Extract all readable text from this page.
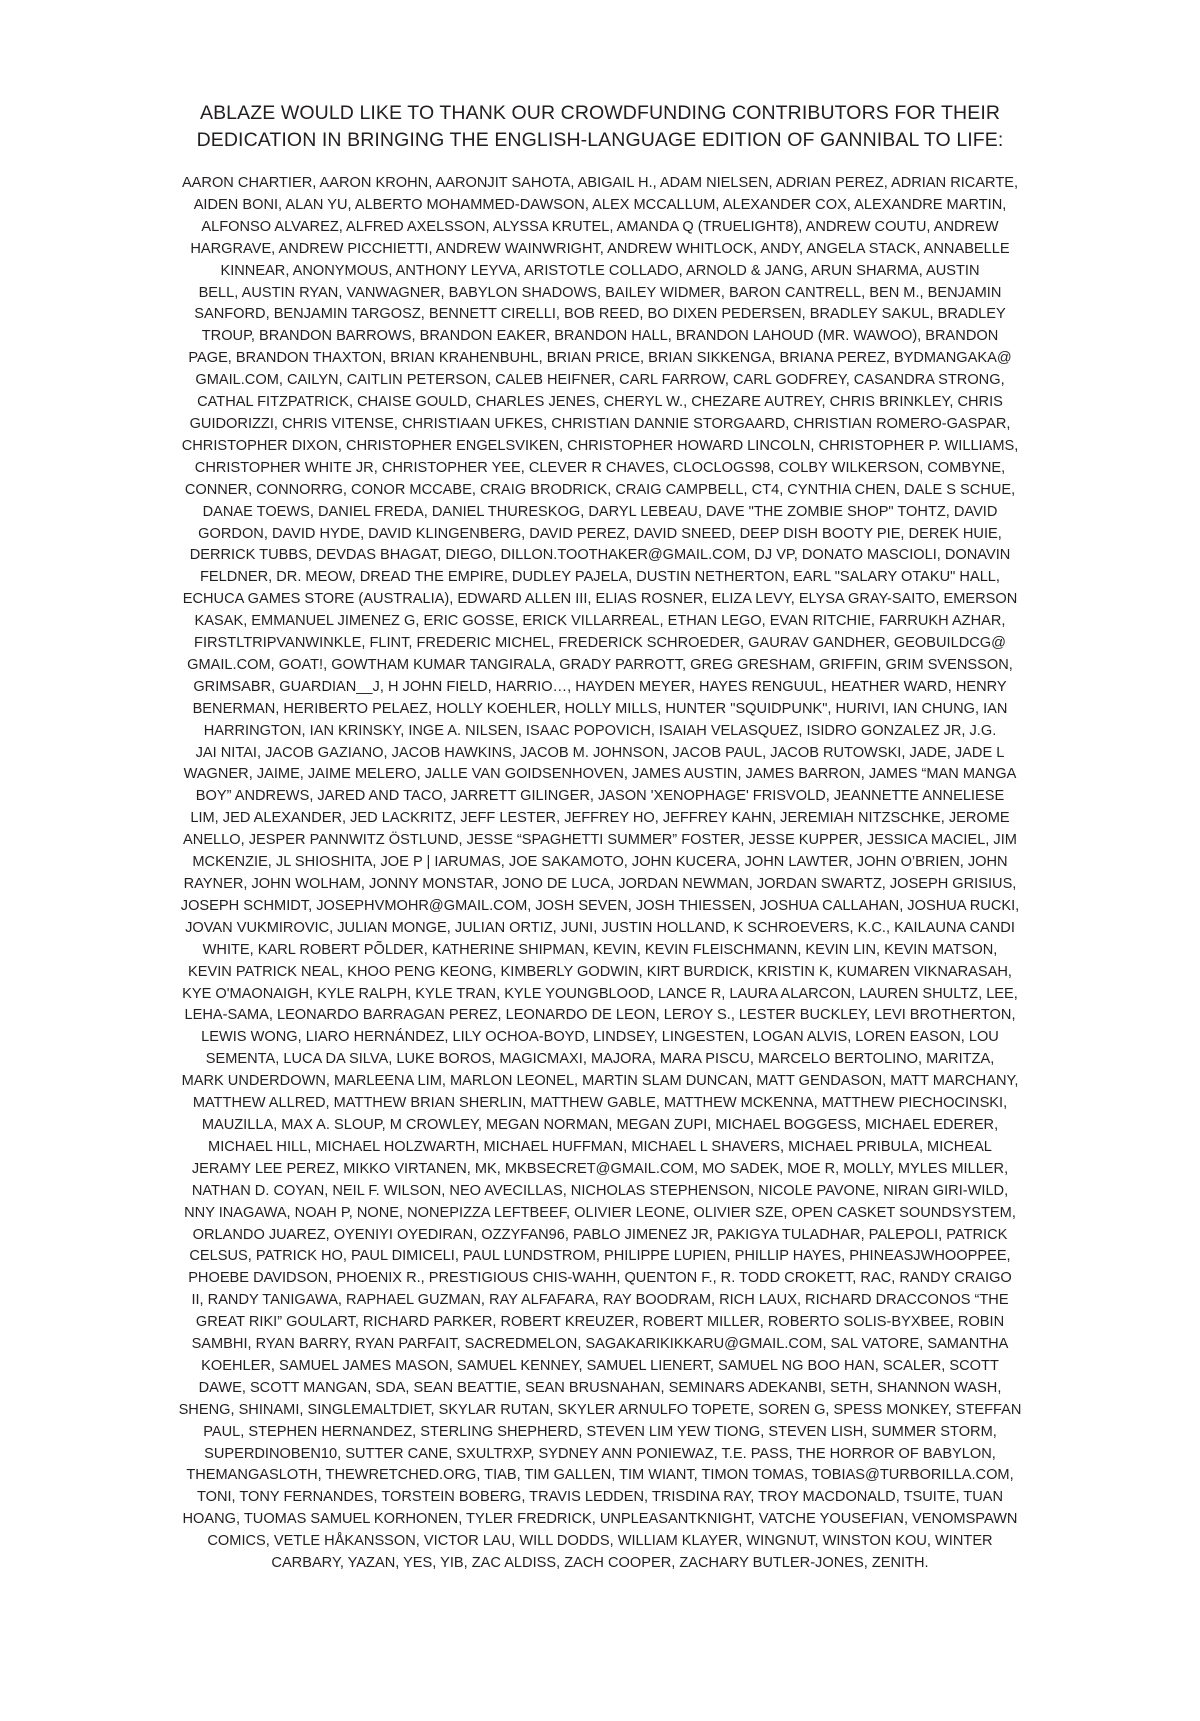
ABLAZE WOULD LIKE TO THANK OUR CROWDFUNDING CONTRIBUTORS FOR THEIR
DEDICATION IN BRINGING THE ENGLISH-LANGUAGE EDITION OF GANNIBAL TO LIFE:
AARON CHARTIER, AARON KROHN, AARONJIT SAHOTA, ABIGAIL H., ADAM NIELSEN, ADRIAN PEREZ, ADRIAN RICARTE,
AIDEN BONI, ALAN YU, ALBERTO MOHAMMED-DAWSON, ALEX MCCALLUM, ALEXANDER COX, ALEXANDRE MARTIN,
ALFONSO ALVAREZ, ALFRED AXELSSON, ALYSSA KRUTEL, AMANDA Q (TRUELIGHT8), ANDREW COUTU, ANDREW
HARGRAVE, ANDREW PICCHIETTI, ANDREW WAINWRIGHT, ANDREW WHITLOCK, ANDY, ANGELA STACK, ANNABELLE
KINNEAR, ANONYMOUS, ANTHONY LEYVA, ARISTOTLE COLLADO, ARNOLD & JANG, ARUN SHARMA, AUSTIN
BELL, AUSTIN RYAN, VANWAGNER, BABYLON SHADOWS, BAILEY WIDMER, BARON CANTRELL, BEN M., BENJAMIN
SANFORD, BENJAMIN TARGOSZ, BENNETT CIRELLI, BOB REED, BO DIXEN PEDERSEN, BRADLEY SAKUL, BRADLEY
TROUP, BRANDON BARROWS, BRANDON EAKER, BRANDON HALL, BRANDON LAHOUD (MR. WAWOO), BRANDON
PAGE, BRANDON THAXTON, BRIAN KRAHENBUHL, BRIAN PRICE, BRIAN SIKKENGA, BRIANA PEREZ, BYDMANGAKA@
GMAIL.COM, CAILYN, CAITLIN PETERSON, CALEB HEIFNER, CARL FARROW, CARL GODFREY, CASANDRA STRONG,
CATHAL FITZPATRICK, CHAISE GOULD, CHARLES JENES, CHERYL W., CHEZARE AUTREY, CHRIS BRINKLEY, CHRIS
GUIDORIZZI, CHRIS VITENSE, CHRISTIAAN UFKES, CHRISTIAN DANNIE STORGAARD, CHRISTIAN ROMERO-GASPAR,
CHRISTOPHER DIXON, CHRISTOPHER ENGELSVIKEN, CHRISTOPHER HOWARD LINCOLN, CHRISTOPHER P. WILLIAMS,
CHRISTOPHER WHITE JR, CHRISTOPHER YEE, CLEVER R CHAVES, CLOCLOGS98, COLBY WILKERSON, COMBYNE,
CONNER, CONNORRG, CONOR MCCABE, CRAIG BRODRICK, CRAIG CAMPBELL, CT4, CYNTHIA CHEN, DALE S SCHUE,
DANAE TOEWS, DANIEL FREDA, DANIEL THURESKOG, DARYL LEBEAU, DAVE "THE ZOMBIE SHOP" TOHTZ, DAVID
GORDON, DAVID HYDE, DAVID KLINGENBERG, DAVID PEREZ, DAVID SNEED, DEEP DISH BOOTY PIE, DEREK HUIE,
DERRICK TUBBS, DEVDAS BHAGAT, DIEGO, DILLON.TOOTHAKER@GMAIL.COM, DJ VP, DONATO MASCIOLI, DONAVIN
FELDNER, DR. MEOW, DREAD THE EMPIRE, DUDLEY PAJELA, DUSTIN NETHERTON, EARL "SALARY OTAKU" HALL,
ECHUCA GAMES STORE (AUSTRALIA), EDWARD ALLEN III, ELIAS ROSNER, ELIZA LEVY, ELYSA GRAY-SAITO, EMERSON
KASAK, EMMANUEL JIMENEZ G, ERIC GOSSE, ERICK VILLARREAL, ETHAN LEGO, EVAN RITCHIE, FARRUKH AZHAR,
FIRSTLTRIPVANWINKLE, FLINT, FREDERIC MICHEL, FREDERICK SCHROEDER, GAURAV GANDHER, GEOBUILDCG@
GMAIL.COM, GOAT!, GOWTHAM KUMAR TANGIRALA, GRADY PARROTT, GREG GRESHAM, GRIFFIN, GRIM SVENSSON,
GRIMSABR, GUARDIAN__J, H JOHN FIELD, HARRIO…, HAYDEN MEYER, HAYES RENGUUL, HEATHER WARD, HENRY
BENERMAN, HERIBERTO PELAEZ, HOLLY KOEHLER, HOLLY MILLS, HUNTER "SQUIDPUNK", HURIVI, IAN CHUNG, IAN
HARRINGTON, IAN KRINSKY, INGE A. NILSEN, ISAAC POPOVICH, ISAIAH VELASQUEZ, ISIDRO GONZALEZ JR, J.G.
JAI NITAI, JACOB GAZIANO, JACOB HAWKINS, JACOB M. JOHNSON, JACOB PAUL, JACOB RUTOWSKI, JADE, JADE L
WAGNER, JAIME, JAIME MELERO, JALLE VAN GOIDSENHOVEN, JAMES AUSTIN, JAMES BARRON, JAMES “MAN MANGA
BOY” ANDREWS, JARED AND TACO, JARRETT GILINGER, JASON 'XENOPHAGE' FRISVOLD, JEANNETTE ANNELIESE
LIM, JED ALEXANDER, JED LACKRITZ, JEFF LESTER, JEFFREY HO, JEFFREY KAHN, JEREMIAH NITZSCHKE, JEROME
ANELLO, JESPER PANNWITZ ÖSTLUND, JESSE “SPAGHETTI SUMMER” FOSTER, JESSE KUPPER, JESSICA MACIEL, JIM
MCKENZIE, JL SHIOSHITA, JOE P | IARUMAS, JOE SAKAMOTO, JOHN KUCERA, JOHN LAWTER, JOHN O’BRIEN, JOHN
RAYNER, JOHN WOLHAM, JONNY MONSTAR, JONO DE LUCA, JORDAN NEWMAN, JORDAN SWARTZ, JOSEPH GRISIUS,
JOSEPH SCHMIDT, JOSEPHVMOHR@GMAIL.COM, JOSH SEVEN, JOSH THIESSEN, JOSHUA CALLAHAN, JOSHUA RUCKI,
JOVAN VUKMIROVIC, JULIAN MONGE, JULIAN ORTIZ, JUNI, JUSTIN HOLLAND, K SCHROEVERS, K.C., KAILAUNA CANDI
WHITE, KARL ROBERT PÕLDER, KATHERINE SHIPMAN, KEVIN, KEVIN FLEISCHMANN, KEVIN LIN, KEVIN MATSON,
KEVIN PATRICK NEAL, KHOO PENG KEONG, KIMBERLY GODWIN, KIRT BURDICK, KRISTIN K, KUMAREN VIKNARASAH,
KYE O'MAONAIGH, KYLE RALPH, KYLE TRAN, KYLE YOUNGBLOOD, LANCE R, LAURA ALARCON, LAUREN SHULTZ, LEE,
LEHA-SAMA, LEONARDO BARRAGAN PEREZ, LEONARDO DE LEON, LEROY S., LESTER BUCKLEY, LEVI BROTHERTON,
LEWIS WONG, LIARO HERNÁNDEZ, LILY OCHOA-BOYD, LINDSEY, LINGESTEN, LOGAN ALVIS, LOREN EASON, LOU
SEMENTA, LUCA DA SILVA, LUKE BOROS, MAGICMAXI, MAJORA, MARA PISCU, MARCELO BERTOLINO, MARITZA,
MARK UNDERDOWN, MARLEENA LIM, MARLON LEONEL, MARTIN SLAM DUNCAN, MATT GENDASON, MATT MARCHANY,
MATTHEW ALLRED, MATTHEW BRIAN SHERLIN, MATTHEW GABLE, MATTHEW MCKENNA, MATTHEW PIECHOCINSKI,
MAUZILLA, MAX A. SLOUP, M CROWLEY, MEGAN NORMAN, MEGAN ZUPI, MICHAEL BOGGESS, MICHAEL EDERER,
MICHAEL HILL, MICHAEL HOLZWARTH, MICHAEL HUFFMAN, MICHAEL L SHAVERS, MICHAEL PRIBULA, MICHEAL
JERAMY LEE PEREZ, MIKKO VIRTANEN, MK, MKBSECRET@GMAIL.COM, MO SADEK, MOE R, MOLLY, MYLES MILLER,
NATHAN D. COYAN, NEIL F. WILSON, NEO AVECILLAS, NICHOLAS STEPHENSON, NICOLE PAVONE, NIRAN GIRI-WILD,
NNY INAGAWA, NOAH P, NONE, NONEPIZZA LEFTBEEF, OLIVIER LEONE, OLIVIER SZE, OPEN CASKET SOUNDSYSTEM,
ORLANDO JUAREZ, OYENIYI OYEDIRAN, OZZYFAN96, PABLO JIMENEZ JR, PAKIGYA TULADHAR, PALEPOLI, PATRICK
CELSUS, PATRICK HO, PAUL DIMICELI, PAUL LUNDSTROM, PHILIPPE LUPIEN, PHILLIP HAYES, PHINEASJWHOOPPEE,
PHOEBE DAVIDSON, PHOENIX R., PRESTIGIOUS CHIS-WAHH, QUENTON F., R. TODD CROKETT, RAC, RANDY CRAIGO
II, RANDY TANIGAWA, RAPHAEL GUZMAN, RAY ALFAFARA, RAY BOODRAM, RICH LAUX, RICHARD DRACCONOS “THE
GREAT RIKI” GOULART, RICHARD PARKER, ROBERT KREUZER, ROBERT MILLER, ROBERTO SOLIS-BYXBEE, ROBIN
SAMBHI, RYAN BARRY, RYAN PARFAIT, SACREDMELON, SAGAKARIKIKKARU@GMAIL.COM, SAL VATORE, SAMANTHA
KOEHLER, SAMUEL JAMES MASON, SAMUEL KENNEY, SAMUEL LIENERT, SAMUEL NG BOO HAN, SCALER, SCOTT
DAWE, SCOTT MANGAN, SDA, SEAN BEATTIE, SEAN BRUSNAHAN, SEMINARS ADEKANBI, SETH, SHANNON WASH,
SHENG, SHINAMI, SINGLEMALTDIET, SKYLAR RUTAN, SKYLER ARNULFO TOPETE, SOREN G, SPESS MONKEY, STEFFAN
PAUL, STEPHEN HERNANDEZ, STERLING SHEPHERD, STEVEN LIM YEW TIONG, STEVEN LISH, SUMMER STORM,
SUPERDINOBEN10, SUTTER CANE, SXULTRXP, SYDNEY ANN PONIEWAZ, T.E. PASS, THE HORROR OF BABYLON,
THEMANGASLOTH, THEWRETCHED.ORG, TIAB, TIM GALLEN, TIM WIANT, TIMON TOMAS, TOBIAS@TURBORILLA.COM,
TONI, TONY FERNANDES, TORSTEIN BOBERG, TRAVIS LEDDEN, TRISDINA RAY, TROY MACDONALD, TSUITE, TUAN
HOANG, TUOMAS SAMUEL KORHONEN, TYLER FREDRICK, UNPLEASANTKNIGHT, VATCHE YOUSEFIAN, VENOMSPAWN
COMICS, VETLE HÅKANSSON, VICTOR LAU, WILL DODDS, WILLIAM KLAYER, WINGNUT, WINSTON KOU, WINTER
CARBARY, YAZAN, YES, YIB, ZAC ALDISS, ZACH COOPER, ZACHARY BUTLER-JONES, ZENITH.
